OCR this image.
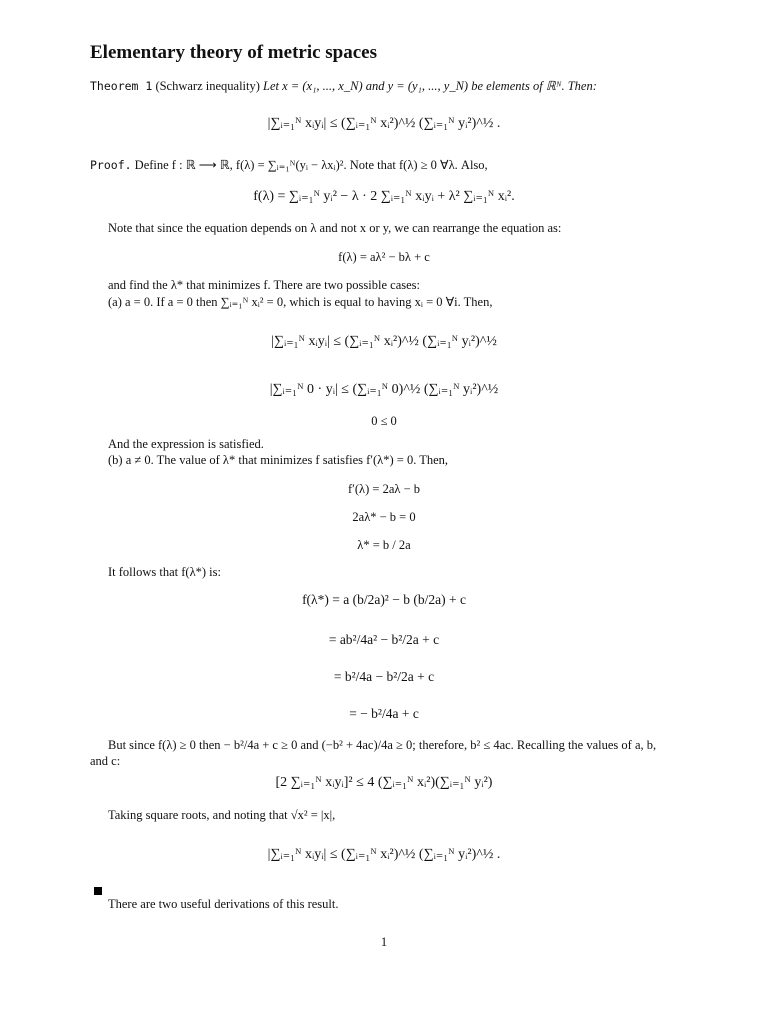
Elementary theory of metric spaces
Theorem 1 (Schwarz inequality) Let x = (x₁, ..., x_N) and y = (y₁, ..., y_N) be elements of ℝᴺ. Then:
|∑ᵢ₌₁ᴺ xᵢyᵢ| ≤ (∑ᵢ₌₁ᴺ xᵢ²)^½ (∑ᵢ₌₁ᴺ yᵢ²)^½ .
Proof. Define f : ℝ ⟶ ℝ, f(λ) = ∑ᵢ₌₁ᴺ(yᵢ − λxᵢ)². Note that f(λ) ≥ 0 ∀λ. Also,
f(λ) = ∑ᵢ₌₁ᴺ yᵢ² − λ · 2 ∑ᵢ₌₁ᴺ xᵢyᵢ + λ² ∑ᵢ₌₁ᴺ xᵢ².
Note that since the equation depends on λ and not x or y, we can rearrange the equation as:
f(λ) = aλ² − bλ + c
and find the λ* that minimizes f. There are two possible cases:
(a) a = 0. If a = 0 then ∑ᵢ₌₁ᴺ xᵢ² = 0, which is equal to having xᵢ = 0 ∀i. Then,
|∑ᵢ₌₁ᴺ xᵢyᵢ| ≤ (∑ᵢ₌₁ᴺ xᵢ²)^½ (∑ᵢ₌₁ᴺ yᵢ²)^½
|∑ᵢ₌₁ᴺ 0 · yᵢ| ≤ (∑ᵢ₌₁ᴺ 0)^½ (∑ᵢ₌₁ᴺ yᵢ²)^½
0 ≤ 0
And the expression is satisfied.
(b) a ≠ 0. The value of λ* that minimizes f satisfies f′(λ*) = 0. Then,
f′(λ) = 2aλ − b
2aλ* − b = 0
λ* = b / 2a
It follows that f(λ*) is:
f(λ*) = a (b/2a)² − b (b/2a) + c
= ab²/4a² − b²/2a + c
= b²/4a − b²/2a + c
= − b²/4a + c
But since f(λ) ≥ 0 then − b²/4a + c ≥ 0 and (−b² + 4ac)/4a ≥ 0; therefore, b² ≤ 4ac. Recalling the values of a, b,
and c:
[2 ∑ᵢ₌₁ᴺ xᵢyᵢ]² ≤ 4 (∑ᵢ₌₁ᴺ xᵢ²)(∑ᵢ₌₁ᴺ yᵢ²)
Taking square roots, and noting that √x² = |x|,
|∑ᵢ₌₁ᴺ xᵢyᵢ| ≤ (∑ᵢ₌₁ᴺ xᵢ²)^½ (∑ᵢ₌₁ᴺ yᵢ²)^½ .
There are two useful derivations of this result.
1
